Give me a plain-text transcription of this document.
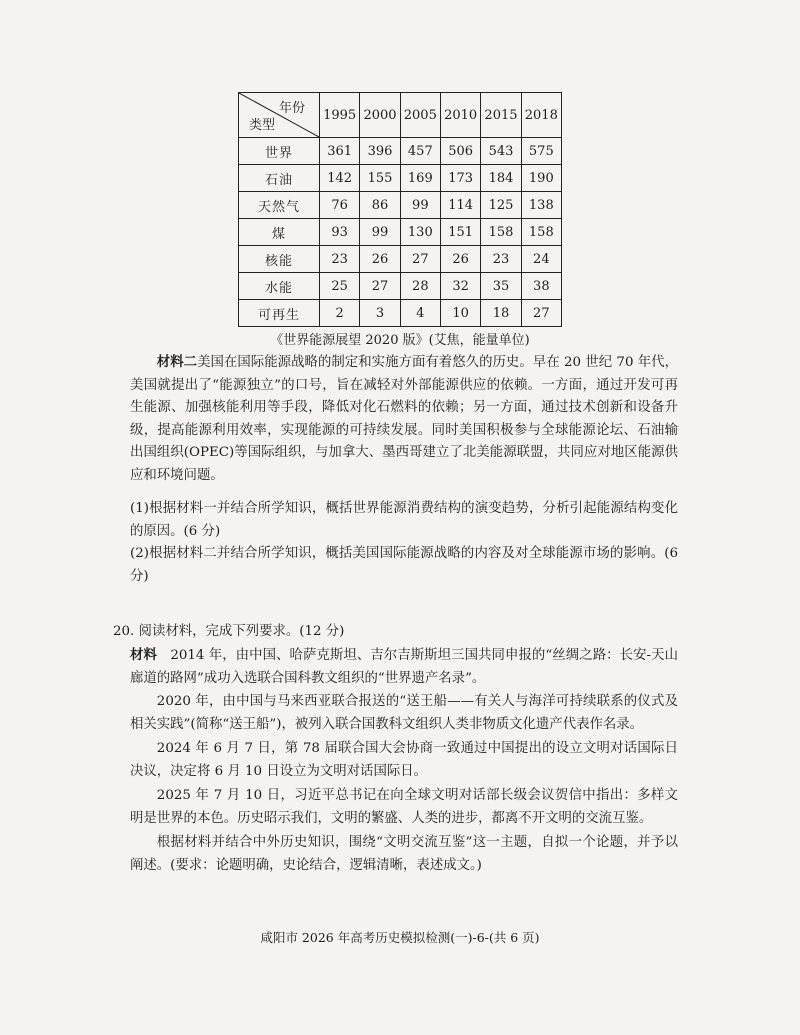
年份
类型	1995	2000	2005	2010	2015	2018
世界	361	396	457	506	543	575
石油	142	155	169	173	184	190
天然气	76	86	99	114	125	138
煤	93	99	130	151	158	158
核能	23	26	27	26	23	24
水能	25	27	28	32	35	38
可再生	2	3	4	10	18	27
《世界能源展望 2020 版》(艾焦，能量单位)
材料二美国在国际能源战略的制定和实施方面有着悠久的历史。早在 20 世纪 70 年代，美国就提出了“能源独立”的口号，旨在减轻对外部能源供应的依赖。一方面，通过开发可再生能源、加强核能利用等手段，降低对化石燃料的依赖；另一方面，通过技术创新和设备升级，提高能源利用效率，实现能源的可持续发展。同时美国积极参与全球能源论坛、石油输出国组织(OPEC)等国际组织，与加拿大、墨西哥建立了北美能源联盟，共同应对地区能源供应和环境问题。
(1)根据材料一并结合所学知识，概括世界能源消费结构的演变趋势，分析引起能源结构变化的原因。(6 分)
(2)根据材料二并结合所学知识，概括美国国际能源战略的内容及对全球能源市场的影响。(6 分)
20. 阅读材料，完成下列要求。(12 分)
材料  2014 年，由中国、哈萨克斯坦、吉尔吉斯斯坦三国共同申报的“丝绸之路：长安-天山廊道的路网”成功入选联合国科教文组织的“世界遗产名录”。
2020 年，由中国与马来西亚联合报送的“送王船——有关人与海洋可持续联系的仪式及相关实践”(简称“送王船”)，被列入联合国教科文组织人类非物质文化遗产代表作名录。
2024 年 6 月 7 日，第 78 届联合国大会协商一致通过中国提出的设立文明对话国际日决议，决定将 6 月 10 日设立为文明对话国际日。
2025 年 7 月 10 日，习近平总书记在向全球文明对话部长级会议贺信中指出：多样文明是世界的本色。历史昭示我们，文明的繁盛、人类的进步，都离不开文明的交流互鉴。
根据材料并结合中外历史知识，围绕“文明交流互鉴”这一主题，自拟一个论题，并予以阐述。(要求：论题明确，史论结合，逻辑清晰，表述成文。)
咸阳市 2026 年高考历史模拟检测(一)-6-(共 6 页)
